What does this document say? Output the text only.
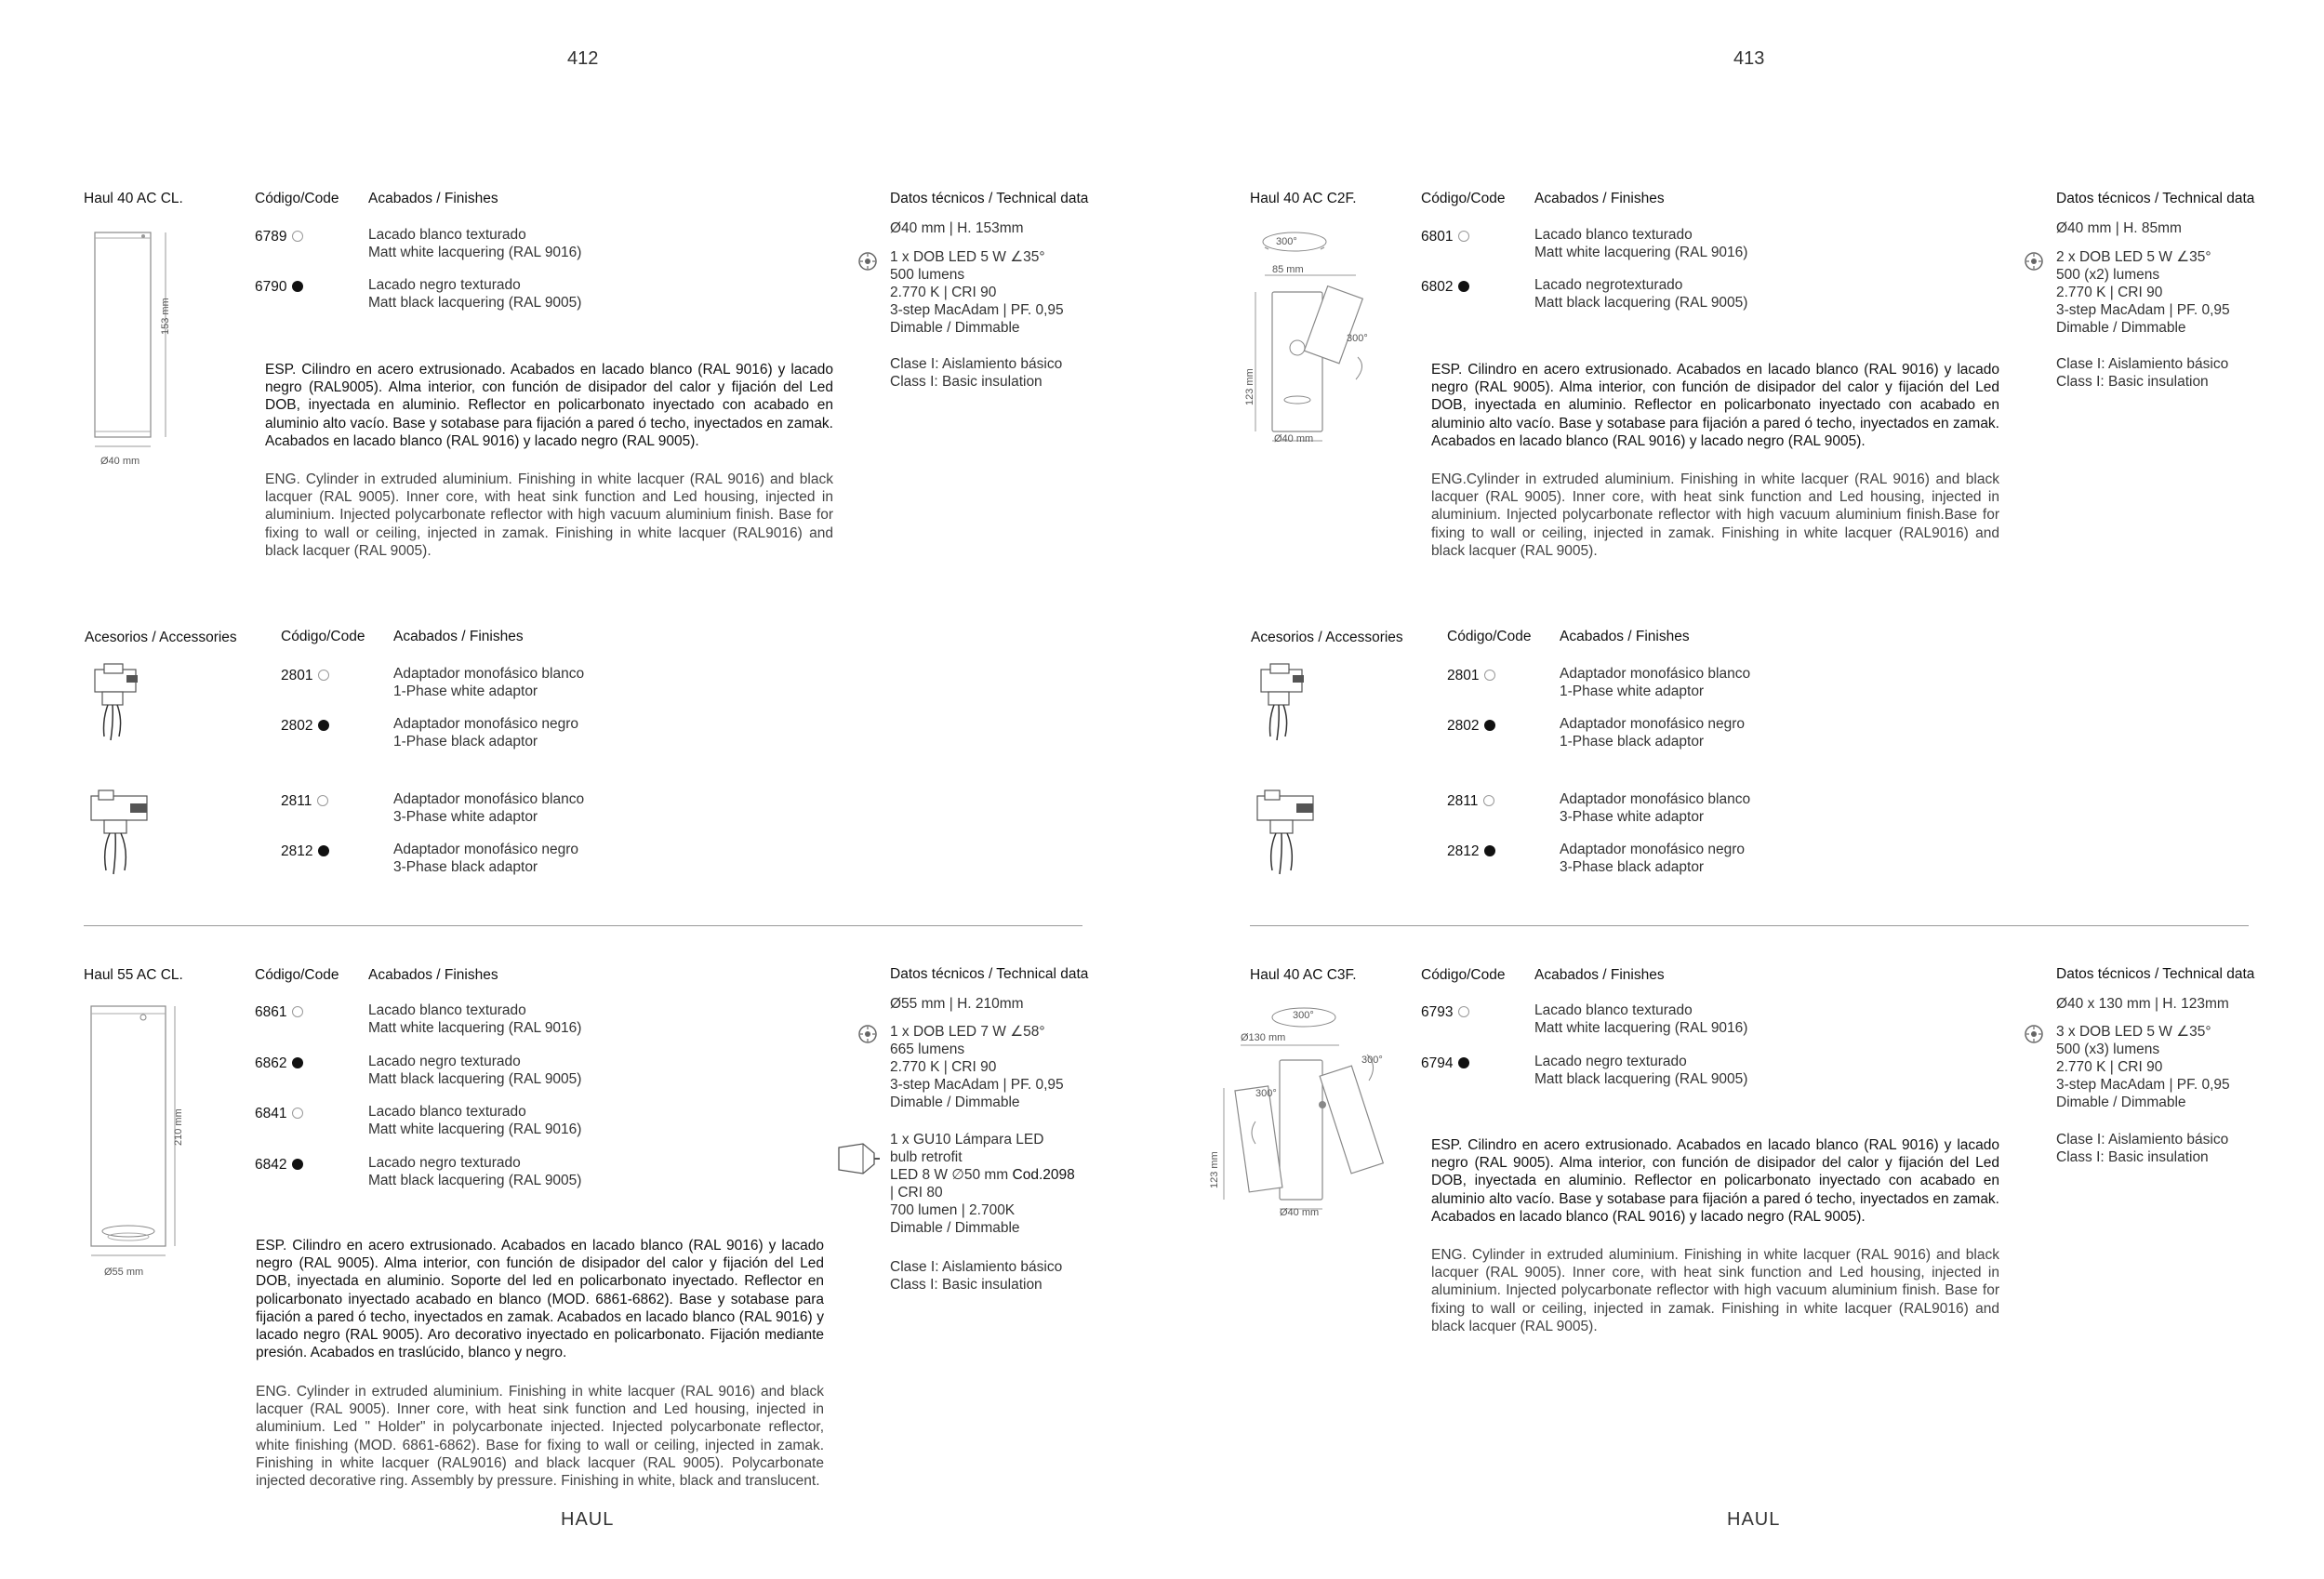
412	413
Haul 40 AC CL.	Código/Code Acabados / Finishes	Datos técnicos / Technical data
6789	Lacado blanco texturado
Matt white lacquering (RAL 9016)
6790	Lacado negro texturado
Matt black lacquering (RAL 9005)
153 mm
Ø40 mm
Ø40 mm | H. 153mm
1 x DOB LED 5 W ∠35°
500 lumens
2.770 K | CRI 90
3-step MacAdam | PF. 0,95
Dimable / Dimmable
Clase I: Aislamiento básico
Class I: Basic insulation
ESP. Cilindro en acero extrusionado. Acabados en lacado blanco (RAL 9016) y lacado negro (RAL9005). Alma interior, con función de disipador del calor y fijación del Led DOB, inyectada en aluminio. Reflector en policarbonato inyectado con acabado en aluminio alto vacío. Base y sotabase para fijación a pared ó techo, inyectados en zamak. Acabados en lacado blanco (RAL 9016) y lacado negro (RAL 9005).
ENG. Cylinder in extruded aluminium. Finishing in white lacquer (RAL 9016) and black lacquer (RAL 9005). Inner core, with heat sink function and Led housing, injected in aluminium. Injected polycarbonate reflector with high vacuum aluminium finish. Base for fixing to wall or ceiling, injected in zamak. Finishing in white lacquer (RAL9016) and black lacquer (RAL 9005).
Acesorios / Accessories	Código/Code Acabados / Finishes
2801	Adaptador monofásico blanco
1-Phase white adaptor
2802	Adaptador monofásico negro
1-Phase black adaptor
2811	Adaptador monofásico blanco
3-Phase white adaptor
2812	Adaptador monofásico negro
3-Phase black adaptor
Haul 55 AC CL.	Código/Code Acabados / Finishes	Datos técnicos / Technical data
6861	Lacado blanco texturado
Matt white lacquering (RAL 9016)
6862	Lacado negro texturado
Matt black lacquering (RAL 9005)
6841	Lacado blanco texturado
Matt white lacquering (RAL 9016)
6842	Lacado negro texturado
Matt black lacquering (RAL 9005)
210 mm
Ø55 mm
Ø55 mm | H. 210mm
1 x DOB LED 7 W ∠58°
665 lumens
2.770 K | CRI 90
3-step MacAdam | PF. 0,95
Dimable / Dimmable
1 x GU10 Lámpara LED
bulb retrofit
LED 8 W ∅50 mm Cod.2098
| CRI 80
700 lumen | 2.700K
Dimable / Dimmable
Clase I: Aislamiento básico
Class I: Basic insulation
ESP. Cilindro en acero extrusionado. Acabados en lacado blanco (RAL 9016) y lacado negro (RAL 9005). Alma interior, con función de disipador del calor y fijación del Led DOB, inyectada en aluminio. Soporte del led en policarbonato inyectado. Reflector en policarbonato inyectado acabado en blanco (MOD. 6861-6862). Base y sotabase para fijación a pared ó techo, inyectados en zamak. Acabados en lacado blanco (RAL 9016) y lacado negro (RAL 9005). Aro decorativo inyectado en policarbonato. Fijación mediante presión. Acabados en traslúcido, blanco y negro.
ENG. Cylinder in extruded aluminium. Finishing in white lacquer (RAL 9016) and black lacquer (RAL 9005). Inner core, with heat sink function and Led housing, injected in aluminium. Led " Holder" in polycarbonate injected. Injected polycarbonate reflector, white finishing (MOD. 6861-6862). Base for fixing to wall or ceiling, injected in zamak. Finishing in white lacquer (RAL9016) and black lacquer (RAL 9005). Polycarbonate injected decorative ring. Assembly by pressure. Finishing in white, black and translucent.
HAUL
Haul 40 AC C2F.	Código/Code Acabados / Finishes	Datos técnicos / Technical data
6801	Lacado blanco texturado
Matt white lacquering (RAL 9016)
6802	Lacado negrotexturado
Matt black lacquering (RAL 9005)
300°
300°
85 mm
123 mm
Ø40 mm
Ø40 mm | H. 85mm
2 x DOB LED 5 W ∠35°
500 (x2) lumens
2.770 K | CRI 90
3-step MacAdam | PF. 0,95
Dimable / Dimmable
Clase I: Aislamiento básico
Class I: Basic insulation
ESP. Cilindro en acero extrusionado. Acabados en lacado blanco (RAL 9016) y lacado negro (RAL 9005). Alma interior, con función de disipador del calor y fijación del Led DOB, inyectada en aluminio. Reflector en policarbonato inyectado con acabado en aluminio alto vacío. Base y sotabase para fijación a pared ó techo, inyectados en zamak. Acabados en lacado blanco (RAL 9016) y lacado negro (RAL 9005).
ENG.Cylinder in extruded aluminium. Finishing in white lacquer (RAL 9016) and black lacquer (RAL 9005). Inner core, with heat sink function and Led housing, injected in aluminium. Injected polycarbonate reflector with high vacuum aluminium finish.Base for fixing to wall or ceiling, injected in zamak. Finishing in white lacquer (RAL9016) and black lacquer (RAL 9005).
Acesorios / Accessories	Código/Code Acabados / Finishes
2801	Adaptador monofásico blanco
1-Phase white adaptor
2802	Adaptador monofásico negro
1-Phase black adaptor
2811	Adaptador monofásico blanco
3-Phase white adaptor
2812	Adaptador monofásico negro
3-Phase black adaptor
Haul 40 AC C3F.	Código/Code Acabados / Finishes	Datos técnicos / Technical data
6793	Lacado blanco texturado
Matt white lacquering (RAL 9016)
6794	Lacado negro texturado
Matt black lacquering (RAL 9005)
300°
300°
300°
Ø130 mm
123 mm
Ø40 mm
Ø40 x 130 mm | H. 123mm
3 x DOB LED 5 W ∠35°
500 (x3) lumens
2.770 K | CRI 90
3-step MacAdam | PF. 0,95
Dimable / Dimmable
Clase I: Aislamiento básico
Class I: Basic insulation
ESP. Cilindro en acero extrusionado. Acabados en lacado blanco (RAL 9016) y lacado negro (RAL 9005). Alma interior, con función de disipador del calor y fijación del Led DOB, inyectada en aluminio. Reflector en policarbonato inyectado con acabado en aluminio alto vacío. Base y sotabase para fijación a pared ó techo, inyectados en zamak. Acabados en lacado blanco (RAL 9016) y lacado negro (RAL 9005).
ENG. Cylinder in extruded aluminium. Finishing in white lacquer (RAL 9016) and black lacquer (RAL 9005). Inner core, with heat sink function and Led housing, injected in aluminium. Injected polycarbonate reflector with high vacuum aluminium finish. Base for fixing to wall or ceiling, injected in zamak. Finishing in white lacquer (RAL9016) and black lacquer (RAL 9005).
HAUL
